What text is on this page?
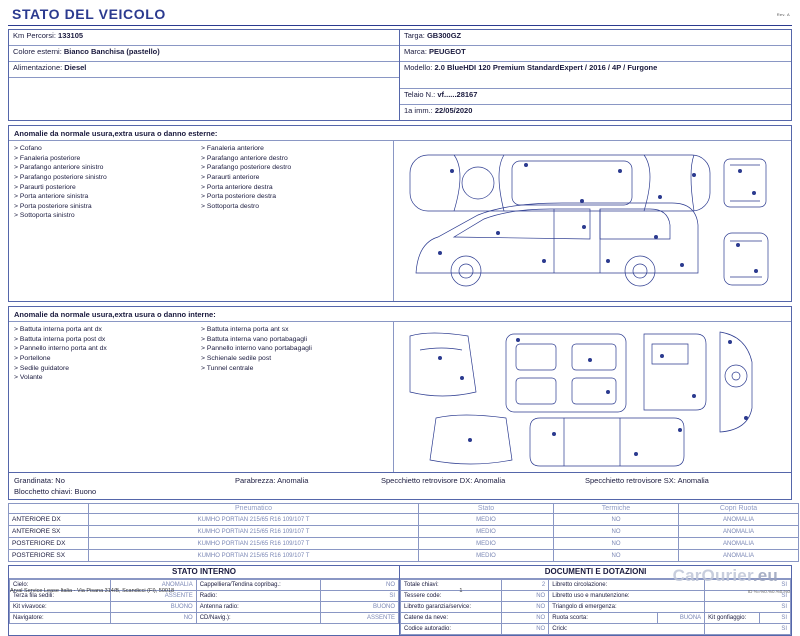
Rev. A
STATO DEL VEICOLO
Km Percorsi: 133105
Colore esterni: Bianco Banchisa (pastello)
Alimentazione: Diesel
Targa: GB300GZ
Marca: PEUGEOT
Modello: 2.0 BlueHDI 120 Premium StandardExpert / 2016 / 4P / Furgone
Telaio N.: vf......28167
1a imm.: 22/05/2020
Anomalie da normale usura,extra usura o danno esterne:
> Cofano
> Fanaleria posteriore
> Parafango anteriore sinistro
> Parafango posteriore sinistro
> Paraurti posteriore
> Porta anteriore sinistra
> Porta posteriore sinistra
> Sottoporta sinistro
> Fanaleria anteriore
> Parafango anteriore destro
> Parafango posteriore destro
> Paraurti anteriore
> Porta anteriore destra
> Porta posteriore destra
> Sottoporta destro
Anomalie da normale usura,extra usura o danno interne:
> Battuta interna porta ant dx
> Battuta interna porta post dx
> Pannello interno porta ant dx
> Portellone
> Sedile guidatore
> Volante
> Battuta interna porta ant sx
> Battuta interna vano portabagagli
> Pannello interno vano portabagagli
> Schienale sedile post
> Tunnel centrale
Grandinata: No
Blocchetto chiavi: Buono
Parabrezza: Anomalia	Specchietto retrovisore DX: Anomalia	Specchietto retrovisore SX: Anomalia
	Pneumatico	Stato	Termiche	Copri Ruota
ANTERIORE DX	KUMHO PORTIAN 215/65 R16 109/107 T	MEDIO	NO	ANOMALIA
ANTERIORE SX	KUMHO PORTIAN 215/65 R16 109/107 T	MEDIO	NO	ANOMALIA
POSTERIORE DX	KUMHO PORTIAN 215/65 R16 109/107 T	MEDIO	NO	ANOMALIA
POSTERIORE SX	KUMHO PORTIAN 215/65 R16 109/107 T	MEDIO	NO	ANOMALIA
STATO INTERNO
Cielo:	ANOMALIA	Cappelliera/Tendina copribag.:	NO
Terza fila sedili:	ASSENTE	Radio:	SI
Kit vivavoce:	BUONO	Antenna radio:	BUONO
Navigatore:	NO	CD/Navig.):	ASSENTE
DOCUMENTI E DOTAZIONI
Totale chiavi:	2	Libretto circolazione:		SI	
Tessere code:	NO	Libretto uso e manutenzione:		SI	
Libretto garanzia/service:	NO	Triangolo di emergenza:		SI	
Catene da neve:	NO	Ruota scorta:	BUONA	Kit gonfiaggio:	SI
Codice autoradio:	NO	Crick:		SI	
CarOurier.eu
Arval Service Lease Italia - Via Pisana 314/B, Scandicci (FI), 50018	1	ID %=%0.%0.%0.%0
